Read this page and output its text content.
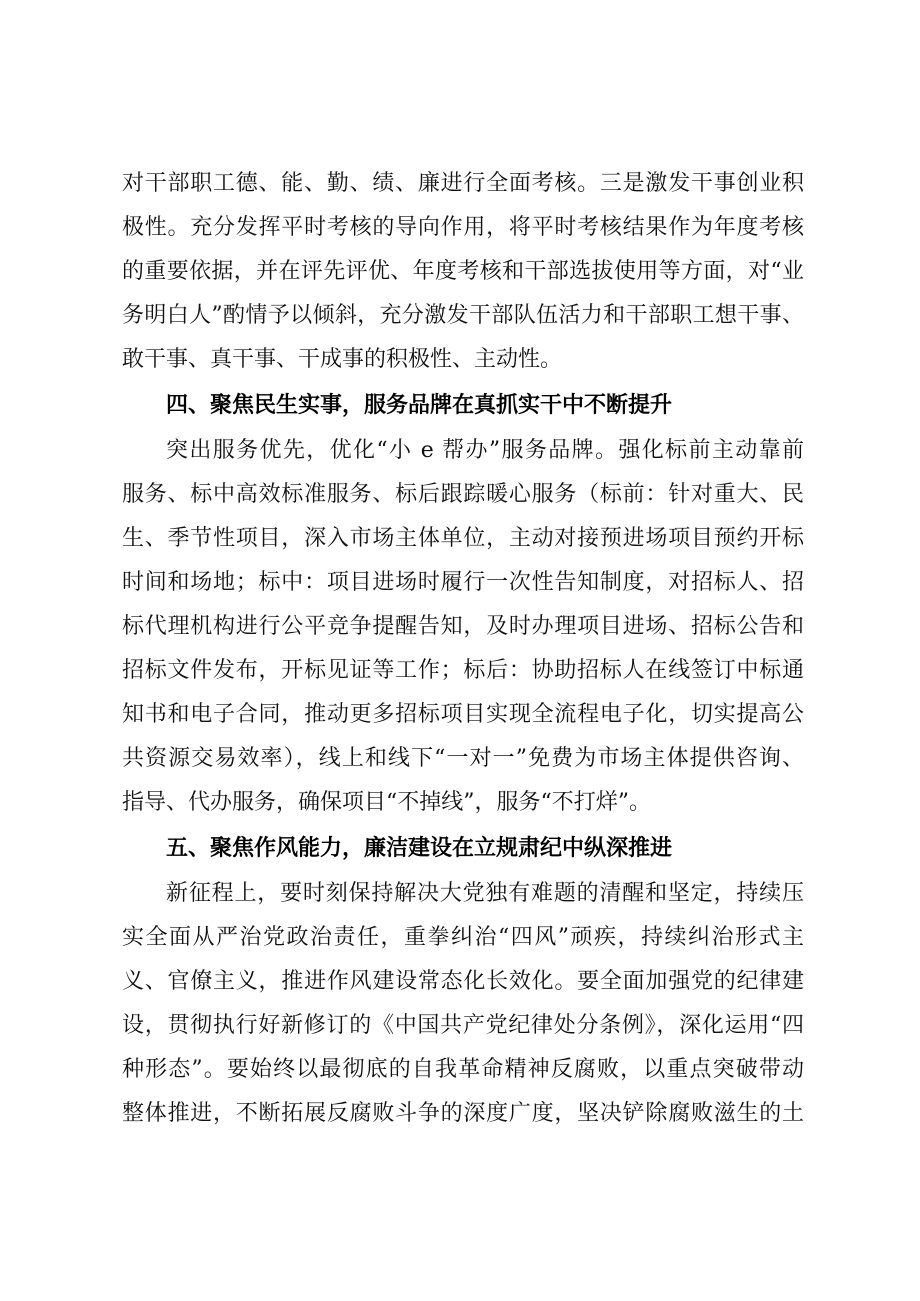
对干部职工德、能、勤、绩、廉进行全面考核。三是激发干事创业积
极性。充分发挥平时考核的导向作用，将平时考核结果作为年度考核
的重要依据，并在评先评优、年度考核和干部选拔使用等方面，对“业
务明白人”酌情予以倾斜，充分激发干部队伍活力和干部职工想干事、
敢干事、真干事、干成事的积极性、主动性。
四、聚焦民生实事，服务品牌在真抓实干中不断提升
突出服务优先，优化“小 e 帮办”服务品牌。强化标前主动靠前
服务、标中高效标准服务、标后跟踪暖心服务（标前：针对重大、民
生、季节性项目，深入市场主体单位，主动对接预进场项目预约开标
时间和场地；标中：项目进场时履行一次性告知制度，对招标人、招
标代理机构进行公平竞争提醒告知，及时办理项目进场、招标公告和
招标文件发布，开标见证等工作；标后：协助招标人在线签订中标通
知书和电子合同，推动更多招标项目实现全流程电子化，切实提高公
共资源交易效率），线上和线下“一对一”免费为市场主体提供咨询、
指导、代办服务，确保项目“不掉线”，服务“不打烊”。
五、聚焦作风能力，廉洁建设在立规肃纪中纵深推进
新征程上，要时刻保持解决大党独有难题的清醒和坚定，持续压
实全面从严治党政治责任，重拳纠治“四风”顽疾，持续纠治形式主
义、官僚主义，推进作风建设常态化长效化。要全面加强党的纪律建
设，贯彻执行好新修订的《中国共产党纪律处分条例》，深化运用“四
种形态”。要始终以最彻底的自我革命精神反腐败，以重点突破带动
整体推进，不断拓展反腐败斗争的深度广度，坚决铲除腐败滋生的土
